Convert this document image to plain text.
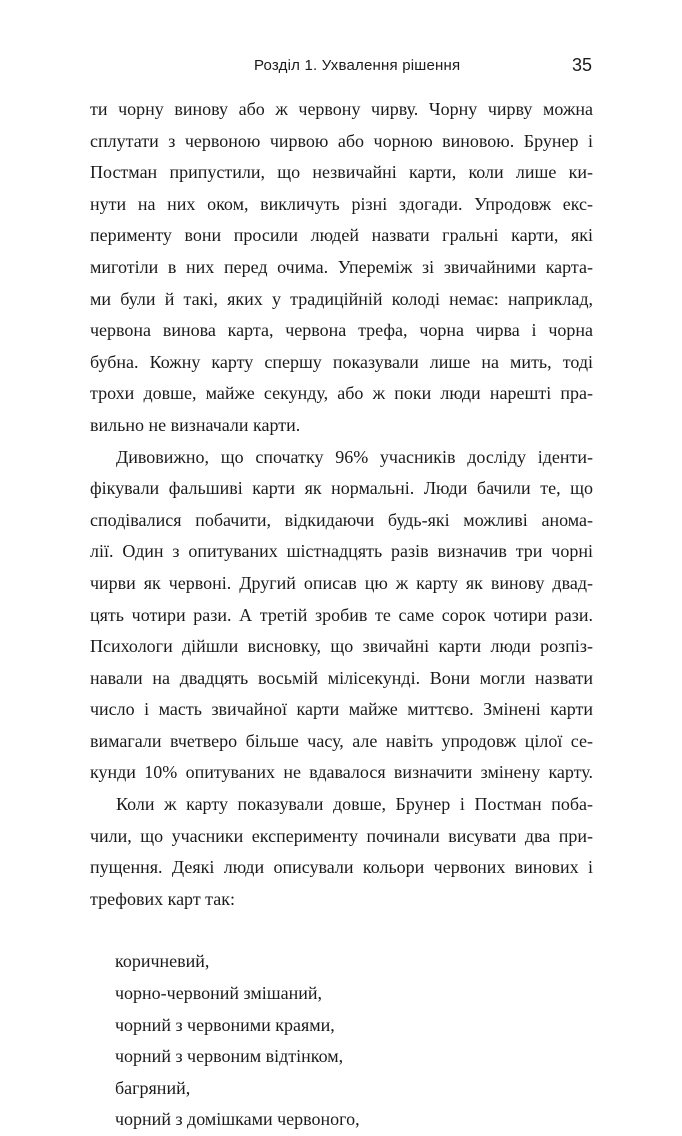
Розділ 1. Ухвалення рішення	35
ти чорну винову або ж червону чирву. Чорну чирву можна
сплутати з червоною чирвою або чорною виновою. Брунер і
Постман припустили, що незвичайні карти, коли лише ки-
нути на них оком, викличуть різні здогади. Упродовж екс-
перименту вони просили людей назвати гральні карти, які
миготіли в них перед очима. Упереміж зі звичайними карта-
ми були й такі, яких у традиційній колоді немає: наприклад,
червона винова карта, червона трефа, чорна чирва і чорна
бубна. Кожну карту спершу показували лише на мить, тоді
трохи довше, майже секунду, або ж поки люди нарешті пра-
вильно не визначали карти.
Дивовижно, що спочатку 96% учасників досліду іденти-
фікували фальшиві карти як нормальні. Люди бачили те, що
сподівалися побачити, відкидаючи будь-які можливі анома-
лії. Один з опитуваних шістнадцять разів визначив три чорні
чирви як червоні. Другий описав цю ж карту як винову двад-
цять чотири рази. А третій зробив те саме сорок чотири рази.
Психологи дійшли висновку, що звичайні карти люди розпіз-
навали на двадцять восьмій мілісекунді. Вони могли назвати
число і масть звичайної карти майже миттєво. Змінені карти
вимагали вчетверо більше часу, але навіть упродовж цілої се-
кунди 10% опитуваних не вдавалося визначити змінену карту.
Коли ж карту показували довше, Брунер і Постман поба-
чили, що учасники експерименту починали висувати два при-
пущення. Деякі люди описували кольори червоних винових і
трефових карт так:
коричневий,
чорно-червоний змішаний,
чорний з червоними краями,
чорний з червоним відтінком,
багряний,
чорний з домішками червоного,
